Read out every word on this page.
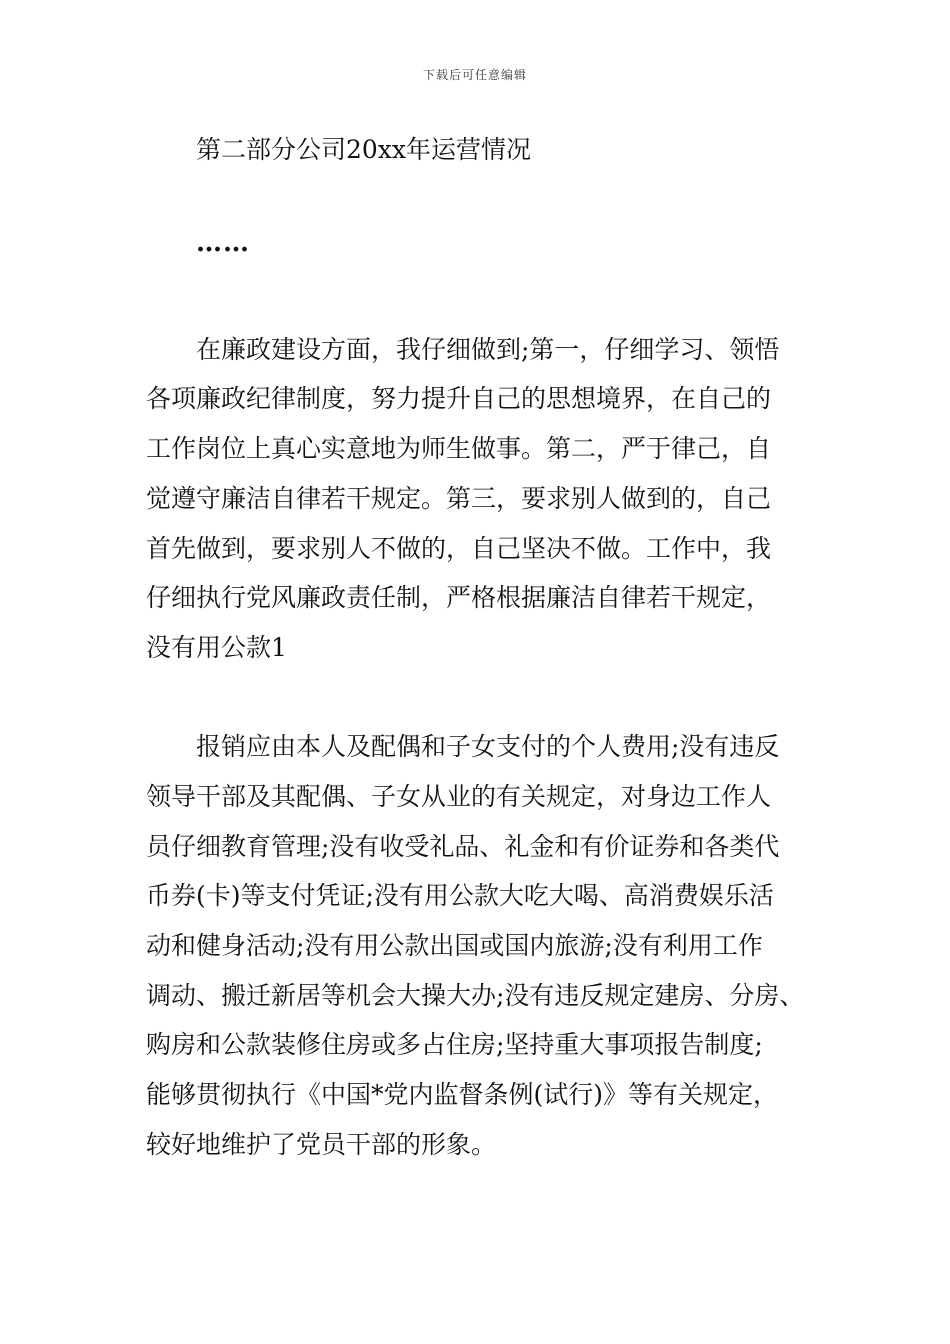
下载后可任意编辑
第二部分公司20xx年运营情况
……
在廉政建设方面，我仔细做到;第一，仔细学习、领悟
各项廉政纪律制度，努力提升自己的思想境界，在自己的
工作岗位上真心实意地为师生做事。第二，严于律己，自
觉遵守廉洁自律若干规定。第三，要求别人做到的，自己
首先做到，要求别人不做的，自己坚决不做。工作中，我
仔细执行党风廉政责任制，严格根据廉洁自律若干规定，
没有用公款1
报销应由本人及配偶和子女支付的个人费用;没有违反
领导干部及其配偶、子女从业的有关规定，对身边工作人
员仔细教育管理;没有收受礼品、礼金和有价证券和各类代
币券(卡)等支付凭证;没有用公款大吃大喝、高消费娱乐活
动和健身活动;没有用公款出国或国内旅游;没有利用工作
调动、搬迁新居等机会大操大办;没有违反规定建房、分房、
购房和公款装修住房或多占住房;坚持重大事项报告制度;
能够贯彻执行《中国*党内监督条例(试行)》等有关规定，
较好地维护了党员干部的形象。
